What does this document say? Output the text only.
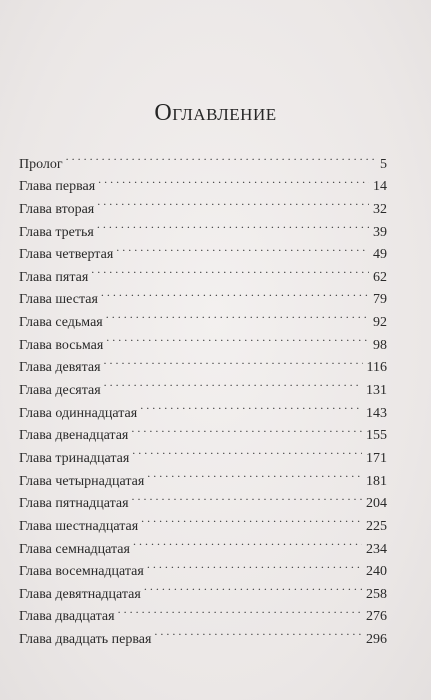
Оглавление
Пролог . . .	5
Глава первая . . .	14
Глава вторая . . .	32
Глава третья . . .	39
Глава четвертая . . .	49
Глава пятая . . .	62
Глава шестая . . .	79
Глава седьмая . . .	92
Глава восьмая . . .	98
Глава девятая . . .	116
Глава десятая . . .	131
Глава одиннадцатая . . .	143
Глава двенадцатая . . .	155
Глава тринадцатая . . .	171
Глава четырнадцатая . . .	181
Глава пятнадцатая . . .	204
Глава шестнадцатая . . .	225
Глава семнадцатая . . .	234
Глава восемнадцатая . . .	240
Глава девятнадцатая . . .	258
Глава двадцатая . . .	276
Глава двадцать первая . . .	296
